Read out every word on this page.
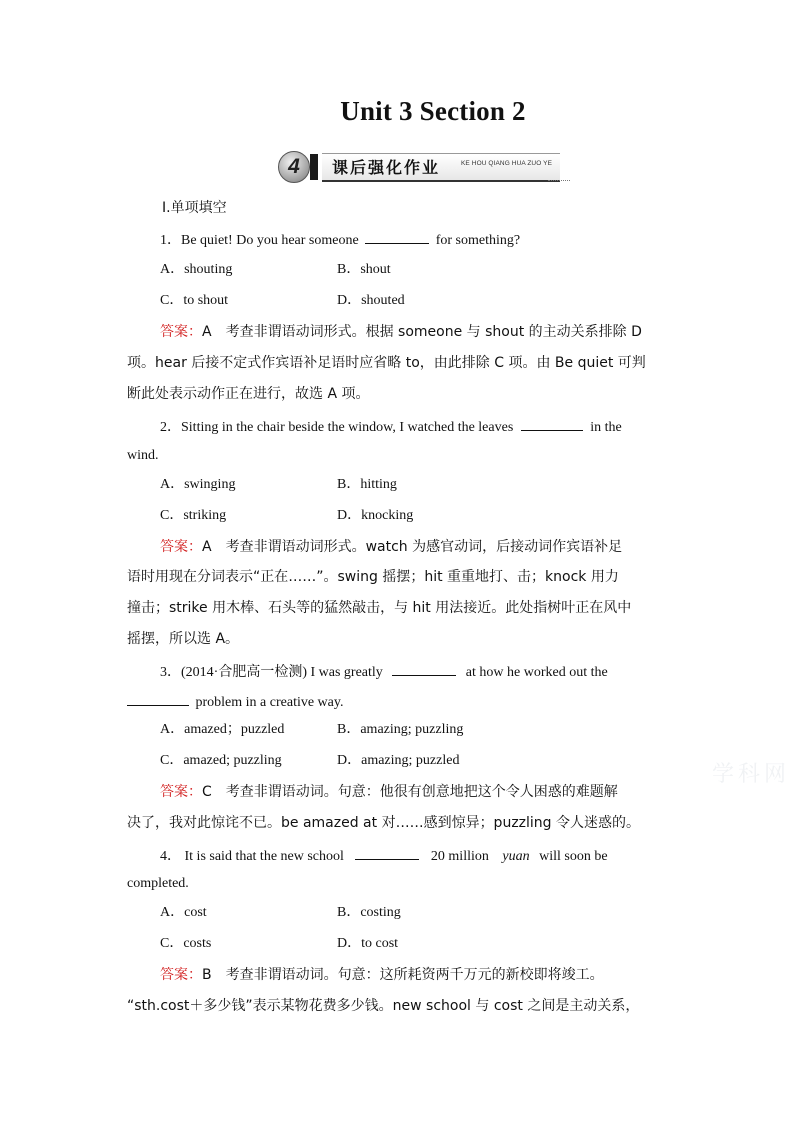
Unit 3 Section 2
4	课后强化作业	KE HOU QIANG HUA ZUO YE
Ⅰ.单项填空
1．Be quiet! Do you hear someone	for something?
A．shouting	B．shout
C．to shout	D．shouted
答案：A　考查非谓语动词形式。根据 someone 与 shout 的主动关系排除 D
项。hear 后接不定式作宾语补足语时应省略 to，由此排除 C 项。由 Be quiet 可判
断此处表示动作正在进行，故选 A 项。
2．Sitting in the chair beside the window, I watched the leaves	in the
wind.
A．swinging	B．hitting
C．striking	D．knocking
答案：A　考查非谓语动词形式。watch 为感官动词，后接动词作宾语补足
语时用现在分词表示“正在……”。swing 摇摆；hit 重重地打、击；knock 用力
撞击；strike 用木棒、石头等的猛然敲击，与 hit 用法接近。此处指树叶正在风中
摇摆，所以选 A。
3．(2014·合肥高一检测) I was greatly	at how he worked out the
problem in a creative way.
A．amazed；puzzled	B．amazing; puzzling
C．amazed; puzzling	D．amazing; puzzled
答案：C　考查非谓语动词。句意：他很有创意地把这个令人困惑的难题解
决了，我对此惊诧不已。be amazed at 对……感到惊异；puzzling 令人迷惑的。
4． It is said that the new school	20 million yuan will soon be
completed.
A．cost	B．costing
C．costs	D．to cost
答案：B　考查非谓语动词。句意：这所耗资两千万元的新校即将竣工。
“sth.cost＋多少钱”表示某物花费多少钱。new school 与 cost 之间是主动关系，
学科网
